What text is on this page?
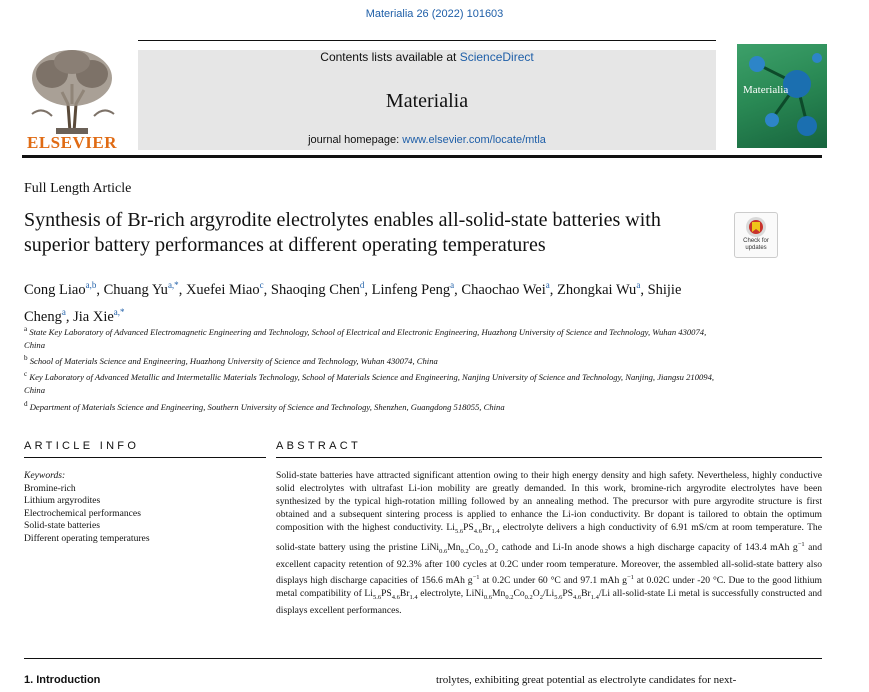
Materialia 26 (2022) 101603
ELSEVIER
Contents lists available at ScienceDirect
Materialia
journal homepage: www.elsevier.com/locate/mtla
Materialia
Full Length Article
Synthesis of Br-rich argyrodite electrolytes enables all-solid-state batteries with superior battery performances at different operating temperatures	Check for updates
Cong Liao$^{a,b}$, Chuang $Yu^{a,*}$, Xuefei Miao$^c$, Shaoqing Chen$^d$, Linfeng Peng$^a$, Chaochao Wei$^a$, Zhongkai Wu$^a$, Shijie Cheng$^a$, Jia Xie$^{a,*}$
$^a$ State Key Laboratory of Advanced Electromagnetic Engineering and Technology, School of Electrical and Electronic Engineering, Huazhong University of Science and Technology, Wuhan 430074, China
$^b$ School of Materials Science and Engineering, Huazhong University of Science and Technology, Wuhan 430074, China
$^c$ Key Laboratory of Advanced Metallic and Intermetallic Materials Technology, School of Materials Science and Engineering, Nanjing University of Science and Technology, Nanjing, Jiangsu 210094, China
$^d$ Department of Materials Science and Engineering, Southern University of Science and Technology, Shenzhen, Guangdong 518055, China
ARTICLE INFO	ABSTRACT
Keywords:
Bromine-rich
Lithium argyrodites
Electrochemical performances
Solid-state batteries
Different operating temperatures
Solid-state batteries have attracted significant attention owing to their high energy density and high safety. Nevertheless, highly conductive solid electrolytes with ultrafast Li-ion mobility are greatly demanded. In this work, bromine-rich argyrodite electrolytes have been synthesized by the typical high-rotation milling followed by an annealing method. The precursor with pure argyrodite structure is first obtained and a subsequent sintering process is applied to enhance the Li-ion conductivity. Br dopant is tailored to obtain the optimum composition with the highest conductivity. $Li_{5.6}PS_{4.6}Br_{1.4}$ electrolyte delivers a high conductivity of 6.91 mS/cm at room temperature. The solid-state battery using the pristine $LiNi_{0.6}Mn_{0.2}Co_{0.2}O_2$ cathode and Li-In anode shows a high discharge capacity of 143.4 mAh $g^{-1}$ and excellent capacity retention of 92.3% after 100 cycles at 0.2C under room temperature. Moreover, the assembled all-solid-state battery also displays high discharge capacities of 156.6 mAh $g^{-1}$ at 0.2C under 60 °C and 97.1 mAh $g^{-1}$ at 0.02C under -20 °C. Due to the good lithium metal compatibility of $Li_{5.6}PS_{4.6}Br_{1.4}$ electrolyte, $LiNi_{0.6}Mn_{0.2}Co_{0.2}O_2/Li_{5.6}PS_{4.6}Br_{1.4}/Li$ all-solid-state Li metal is successfully constructed and displays excellent performances.
1. Introduction	trolytes, exhibiting great potential as electrolyte candidates for next-
